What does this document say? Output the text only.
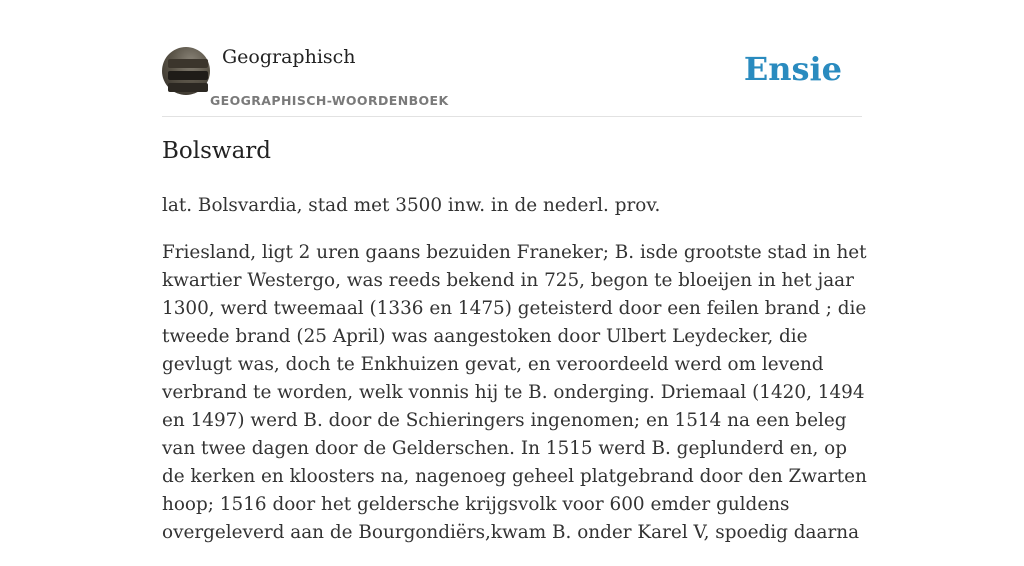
Geographisch
GEOGRAPHISCH-WOORDENBOEK
Ensie
Bolsward

lat. Bolsvardia, stad met 3500 inw. in de nederl. prov.

Friesland, ligt 2 uren gaans bezuiden Franeker; B. isde grootste stad in het kwartier Westergo, was reeds bekend in 725, begon te bloeijen in het jaar 1300, werd tweemaal (1336 en 1475) geteisterd door een feilen brand ; die tweede brand (25 April) was aangestoken door Ulbert Leydecker, die gevlugt was, doch te Enkhuizen gevat, en veroordeeld werd om levend verbrand te worden, welk vonnis hij te B. onderging. Driemaal (1420, 1494 en 1497) werd B. door de Schieringers ingenomen; en 1514 na een beleg van twee dagen door de Gelderschen. In 1515 werd B. geplunderd en, op de kerken en kloosters na, nagenoeg geheel platgebrand door den Zwarten hoop; 1516 door het geldersche krijgsvolk voor 600 emder guldens overgeleverd aan de Bourgondiërs,kwam B. onder Karel V, spoedig daarna
